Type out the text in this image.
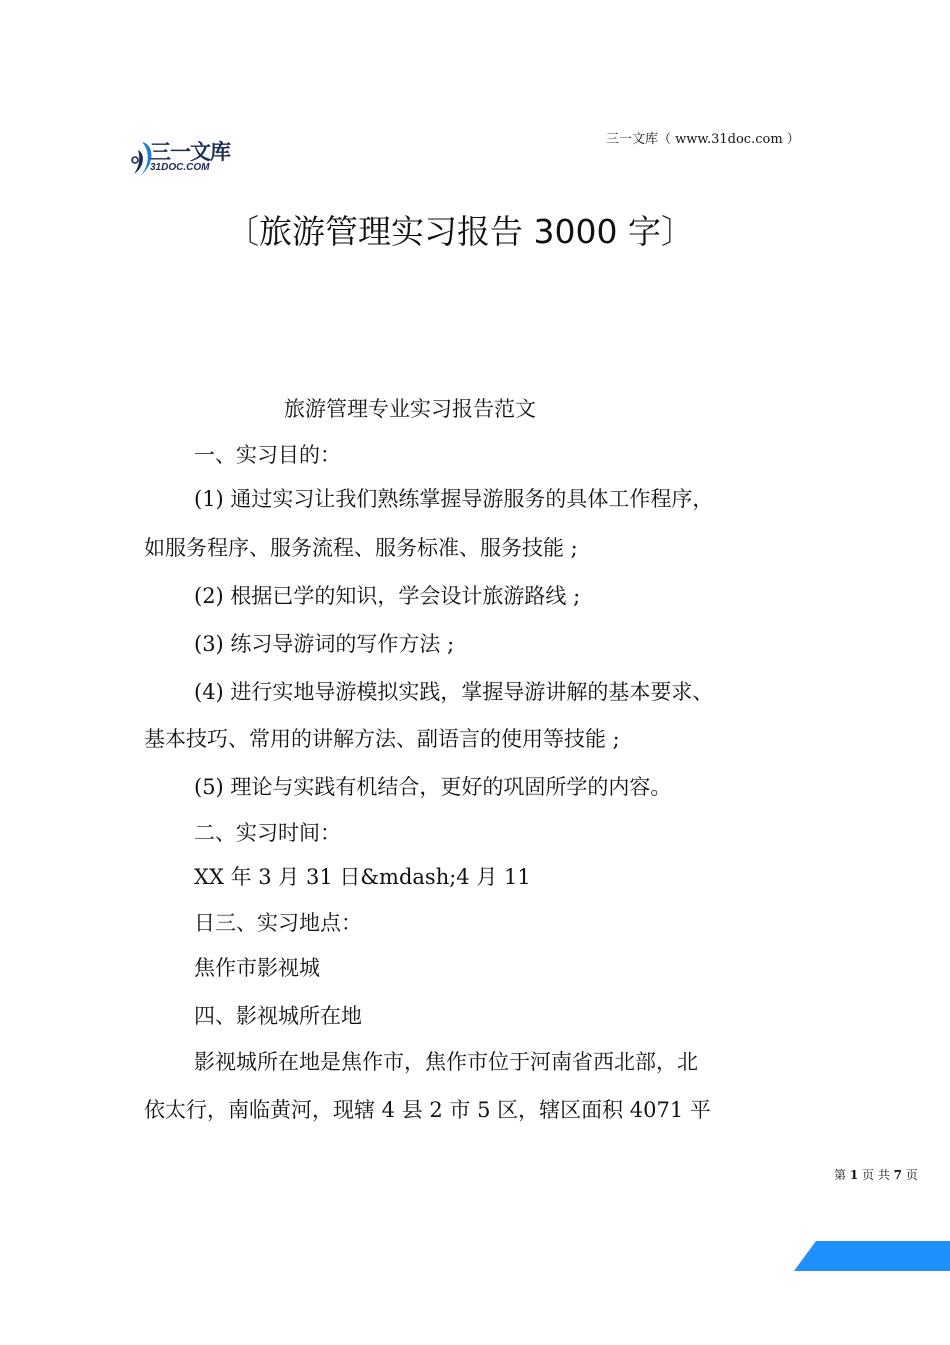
三一文库（ www.31doc.com ）
三一文库
31DOC.COM
〔旅游管理实习报告 3000 字〕
旅游管理专业实习报告范文
一、实习目的：
(1) 通过实习让我们熟练掌握导游服务的具体工作程序，
如服务程序、服务流程、服务标准、服务技能 ;
(2) 根据已学的知识，学会设计旅游路线 ;
(3) 练习导游词的写作方法 ;
(4) 进行实地导游模拟实践，掌握导游讲解的基本要求、
基本技巧、常用的讲解方法、副语言的使用等技能 ;
(5) 理论与实践有机结合，更好的巩固所学的内容。
二、实习时间：
XX 年 3 月 31 日&mdash;4 月 11
日三、实习地点：
焦作市影视城
四、影视城所在地
影视城所在地是焦作市，焦作市位于河南省西北部，北
依太行，南临黄河，现辖 4 县 2 市 5 区，辖区面积 4071 平
第 1 页 共 7 页
